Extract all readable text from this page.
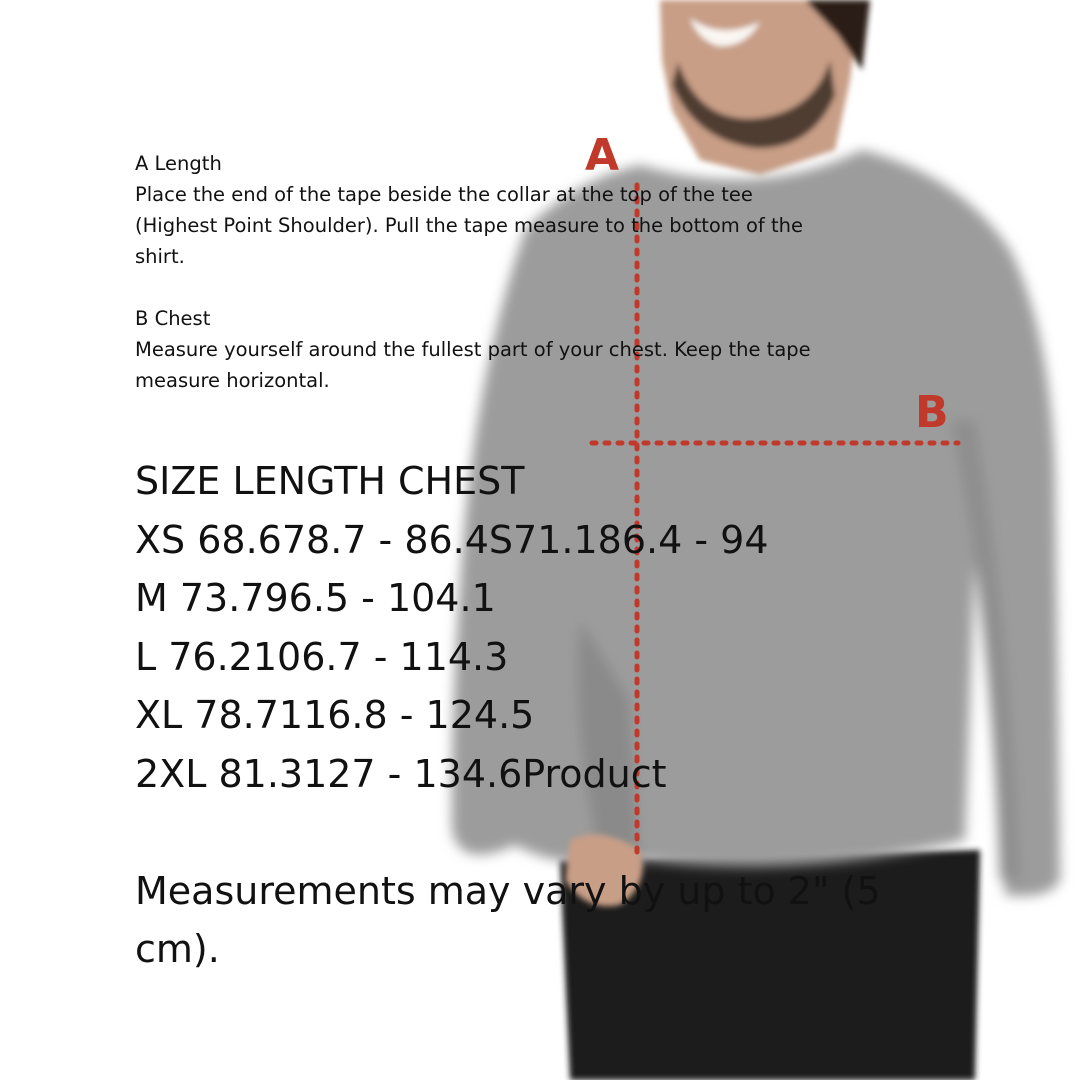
A
B

A Length

Place the end of the tape beside the collar at the top of the tee

(Highest Point Shoulder). Pull the tape measure to the bottom of the

shirt.

B Chest

Measure yourself around the fullest part of your chest. Keep the tape

measure horizontal.

SIZE LENGTH CHEST

XS 68.678.7 - 86.4S71.186.4 - 94

M 73.796.5 - 104.1

L 76.2106.7 - 114.3

XL 78.7116.8 - 124.5

2XL 81.3127 - 134.6Product

Measurements may vary by up to 2" (5

cm).
